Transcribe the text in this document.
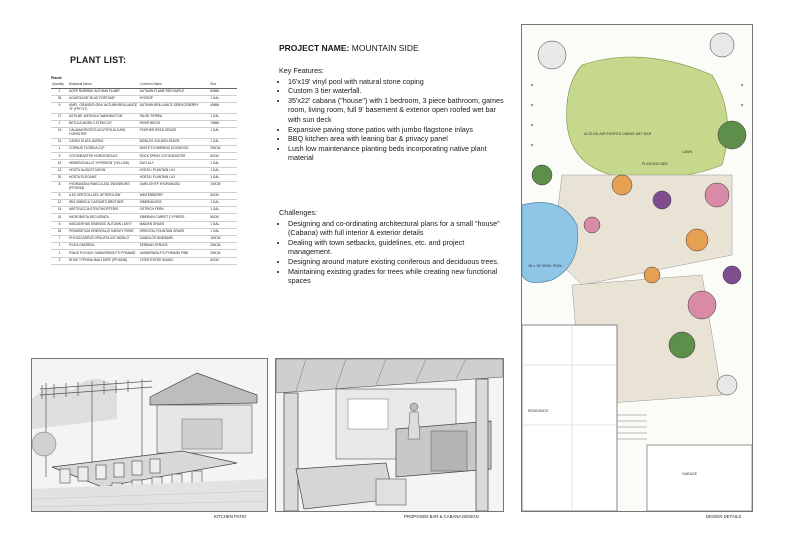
PLANT LIST:
Plants
Quantity	Botanical Name	Common Name	Size
1	ACER RUBRUM 'AUTUMN FLAME'	AUTUMN FLAME RED MAPLE	60MM
33	AGASTACHE 'BLUE FORTUNE'	HYSSOP	1 GAL
5	AMEL. GRANDIFLORA 'AUTUMN BRILLIANCE' TF (FPF717)	AUTUMN BRILLIANCE SERVICEBERRY	45MM
17	ASTILBE JAPONICA 'WASHINGTON'	FALSE SPIREA	1 GAL
1	BETULA NIGRA 3 STEM CLP	RIVER BIRCH	75MM
19	CALAMAGROSTIS ACUTIFOLIA 'KARL FOERSTER'	FEATHER REED GRASS	1 GAL
21	CAREX ELATA 'AUREA'	BOWLES GOLDEN SEDGE	1 GAL
1	CORNUS FLORIDA CLP	WHITE FLOWERING DOGWOOD	250CM
3	COTONEASTER HORIZONTALIS	ROCK SPRAY COTONEASTER	60CM
19	HEMEROCALLIS 'HYPERION' (YELLOW)	DAYLILLY	1 GAL
13	HOSTA 'AUGUST MOON'	HOSTA / PLANTAIN LILY	1 GAL
20	HOSTA 'ELEGANS'	HOSTA / PLANTAIN LILY	1 GAL
8	HYDRANGEA PANICULATA 'ZWIJNBURG' (PP19218)	LIMELIGHT® HYDRANGEA	100CM
5	ILEX VERTICILLATA 'AFTERGLOW'	WINTERBERRY	60CM
12	IRIS SIBIRICA 'CAESAR'S BROTHER'	SIBERIAN IRIS	1 GAL
14	MATTEUCCIA STRUTHIOPTERIS	OSTRICH FERN	1 GAL
15	MICROBIOTA DECUSSATA	SIBERIAN CARPET CYPRESS	50CM
6	MISCANTHUS SINENSIS 'AUTUMN LIGHT'	MAIDEN GRASS	1 GAL
18	PENNISETUM ORIENTALIS 'KARLEY ROSE'	ORIENTAL FOUNTAIN GRASS	1 GAL
7	PHYSOCARPUS OPULIFOLIUS 'MONLO'	DIABOLO® NINEBARK	100CM
1	PICEA OMORIKA	SERBIAN SPRUCE	250CM
1	PINUS FLEXILIS 'VANDERWOLF'S PYRAMID'	VANDERWOLF'S PYRAMID PINE	250CM
2	RHUS TYPHINA 'BAILTIGER' (PP16185)	TIGER EYES® SUMAC	60CM
PROJECT NAME: MOUNTAIN SIDE
Key Features:
• 16'x19' vinyl pool with natural stone coping
• Custom 3 tier waterfall.
• 35'x22' cabana ("house") with 1 bedroom, 3 piece bathroom, games room, living room, full 9' basement & exterior open roofed wet bar with sun deck
• Expansive paving stone patios with jumbo flagstone inlays
• BBQ kitchen area with leaning bar & privacy panel
• Lush low maintenance planting beds incorporating native plant material
Challenges:
• Designing and co-ordinating architectural plans for a small "house" (Cabana) with full interior & exterior details
• Dealing with town setbacks, guidelines, etc. and project management.
• Designing around mature existing coniferous and deciduous trees.
• Maintaining existing grades for trees while creating new functional spaces
KITCHEN PATIO	PROPOSED BAR & CABANA DESIGN
ACID DE-AIR ROOFED DINING WET BAR
PLANTING BED
LAWN
16' x 19' VINYL POOL
RESIDENCE
GARAGE
DESIGN DETAILS
